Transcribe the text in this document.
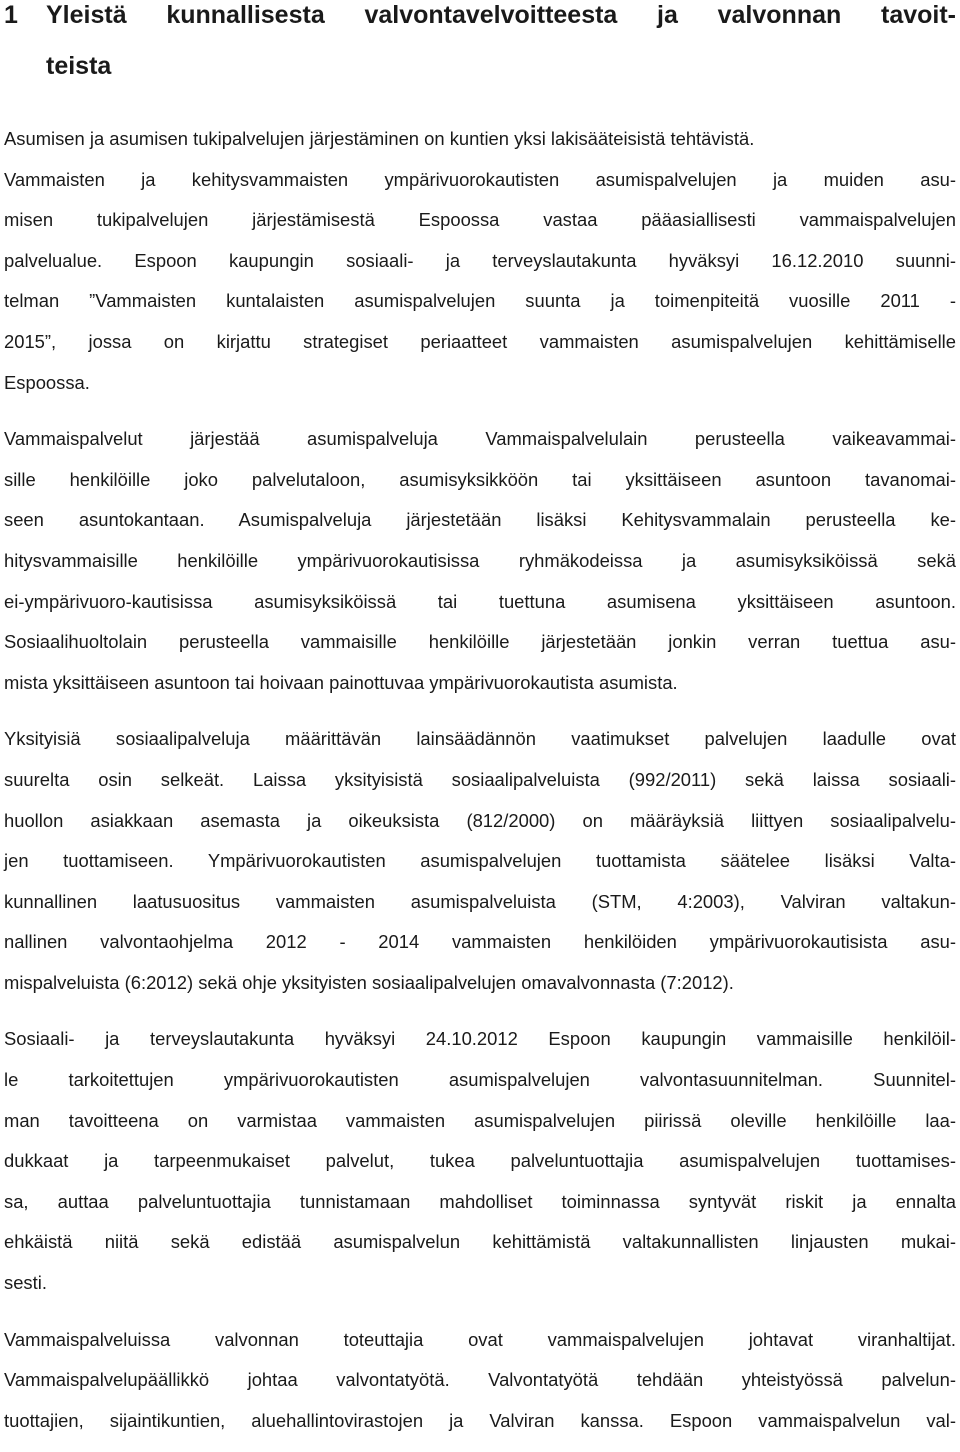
1 Yleistä kunnallisesta valvontavelvoitteesta ja valvonnan tavoit-
teista

Asumisen ja asumisen tukipalvelujen järjestäminen on kuntien yksi lakisääteisistä tehtävistä.
Vammaisten ja kehitysvammaisten ympärivuorokautisten asumispalvelujen ja muiden asu-
misen tukipalvelujen järjestämisestä Espoossa vastaa pääasiallisesti vammaispalvelujen
palvelualue. Espoon kaupungin sosiaali- ja terveyslautakunta hyväksyi 16.12.2010 suunni-
telman ”Vammaisten kuntalaisten asumispalvelujen suunta ja toimenpiteitä vuosille 2011 -
2015”, jossa on kirjattu strategiset periaatteet vammaisten asumispalvelujen kehittämiselle
Espoossa.

Vammaispalvelut järjestää asumispalveluja Vammaispalvelulain perusteella vaikeavammai-
sille henkilöille joko palvelutaloon, asumisyksikköön tai yksittäiseen asuntoon tavanomai-
seen asuntokantaan. Asumispalveluja järjestetään lisäksi Kehitysvammalain perusteella ke-
hitysvammaisille henkilöille ympärivuorokautisissa ryhmäkodeissa ja asumisyksiköissä sekä
ei-ympärivuoro-kautisissa asumisyksiköissä tai tuettuna asumisena yksittäiseen asuntoon.
Sosiaalihuoltolain perusteella vammaisille henkilöille järjestetään jonkin verran tuettua asu-
mista yksittäiseen asuntoon tai hoivaan painottuvaa ympärivuorokautista asumista.

Yksityisiä sosiaalipalveluja määrittävän lainsäädännön vaatimukset palvelujen laadulle ovat
suurelta osin selkeät. Laissa yksityisistä sosiaalipalveluista (992/2011) sekä laissa sosiaali-
huollon asiakkaan asemasta ja oikeuksista (812/2000) on määräyksiä liittyen sosiaalipalvelu-
jen tuottamiseen. Ympärivuorokautisten asumispalvelujen tuottamista säätelee lisäksi Valta-
kunnallinen laatusuositus vammaisten asumispalveluista (STM, 4:2003), Valviran valtakun-
nallinen valvontaohjelma 2012 - 2014 vammaisten henkilöiden ympärivuorokautisista asu-
mispalveluista (6:2012) sekä ohje yksityisten sosiaalipalvelujen omavalvonnasta (7:2012).

Sosiaali- ja terveyslautakunta hyväksyi 24.10.2012 Espoon kaupungin vammaisille henkilöil-
le tarkoitettujen ympärivuorokautisten asumispalvelujen valvontasuunnitelman. Suunnitel-
man tavoitteena on varmistaa vammaisten asumispalvelujen piirissä oleville henkilöille laa-
dukkaat ja tarpeenmukaiset palvelut, tukea palveluntuottajia asumispalvelujen tuottamises-
sa, auttaa palveluntuottajia tunnistamaan mahdolliset toiminnassa syntyvät riskit ja ennalta
ehkäistä niitä sekä edistää asumispalvelun kehittämistä valtakunnallisten linjausten mukai-
sesti.

Vammaispalveluissa valvonnan toteuttajia ovat vammaispalvelujen johtavat viranhaltijat.
Vammaispalvelupäällikkö johtaa valvontatyötä. Valvontatyötä tehdään yhteistyössä palvelun-
tuottajien, sijaintikuntien, aluehallintovirastojen ja Valviran kanssa. Espoon vammaispalvelun val-
